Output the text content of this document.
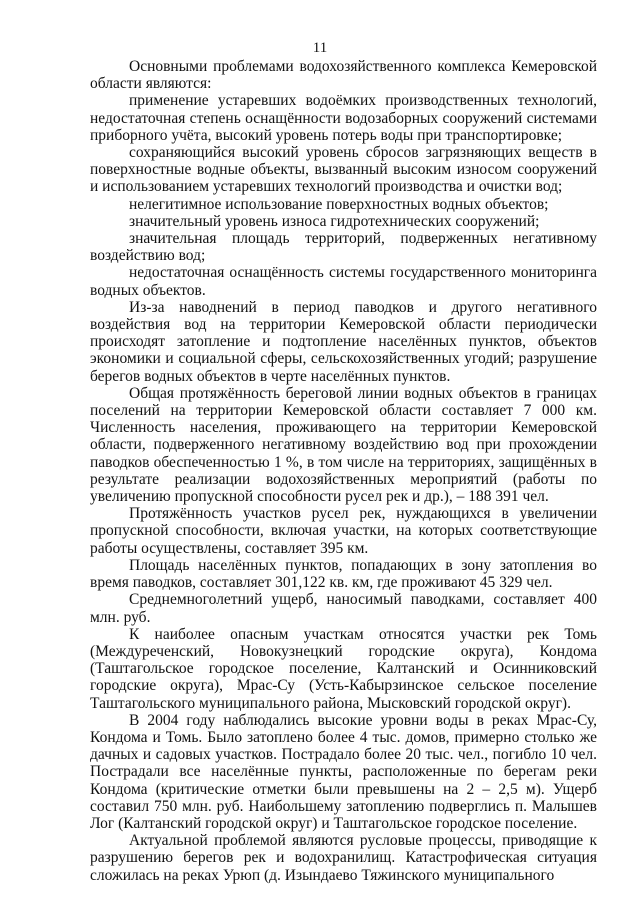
11

Основными проблемами водохозяйственного комплекса Кемеровской области являются:

применение устаревших водоёмких производственных технологий, недостаточная степень оснащённости водозаборных сооружений системами приборного учёта, высокий уровень потерь воды при транспортировке;

сохраняющийся высокий уровень сбросов загрязняющих веществ в поверхностные водные объекты, вызванный высоким износом сооружений и использованием устаревших технологий производства и очистки вод;

нелегитимное использование поверхностных водных объектов;

значительный уровень износа гидротехнических сооружений;

значительная площадь территорий, подверженных негативному воздействию вод;

недостаточная оснащённость системы государственного мониторинга водных объектов.

Из-за наводнений в период паводков и другого негативного воздействия вод на территории Кемеровской области периодически происходят затопление и подтопление населённых пунктов, объектов экономики и социальной сферы, сельскохозяйственных угодий; разрушение берегов водных объектов в черте населённых пунктов.

Общая протяжённость береговой линии водных объектов в границах поселений на территории Кемеровской области составляет 7 000 км. Численность населения, проживающего на территории Кемеровской области, подверженного негативному воздействию вод при прохождении паводков обеспеченностью 1 %, в том числе на территориях, защищённых в результате реализации водохозяйственных мероприятий (работы по увеличению пропускной способности русел рек и др.), – 188 391 чел.

Протяжённость участков русел рек, нуждающихся в увеличении пропускной способности, включая участки, на которых соответствующие работы осуществлены, составляет 395 км.

Площадь населённых пунктов, попадающих в зону затопления во время паводков, составляет 301,122 кв. км, где проживают 45 329 чел.

Среднемноголетний ущерб, наносимый паводками, составляет 400 млн. руб.

К наиболее опасным участкам относятся участки рек Томь (Междуреченский, Новокузнецкий городские округа), Кондома (Таштагольское городское поселение, Калтанский и Осинниковский городские округа), Мрас-Су (Усть-Кабырзинское сельское поселение Таштагольского муниципального района, Мысковский городской округ).

В 2004 году наблюдались высокие уровни воды в реках Мрас-Су, Кондома и Томь. Было затоплено более 4 тыс. домов, примерно столько же дачных и садовых участков. Пострадало более 20 тыс. чел., погибло 10 чел. Пострадали все населённые пункты, расположенные по берегам реки Кондома (критические отметки были превышены на 2 – 2,5 м). Ущерб составил 750 млн. руб. Наибольшему затоплению подверглись п. Малышев Лог (Калтанский городской округ) и Таштагольское городское поселение.

Актуальной проблемой являются русловые процессы, приводящие к разрушению берегов рек и водохранилищ. Катастрофическая ситуация сложилась на реках Урюп (д. Изындаево Тяжинского муниципального
